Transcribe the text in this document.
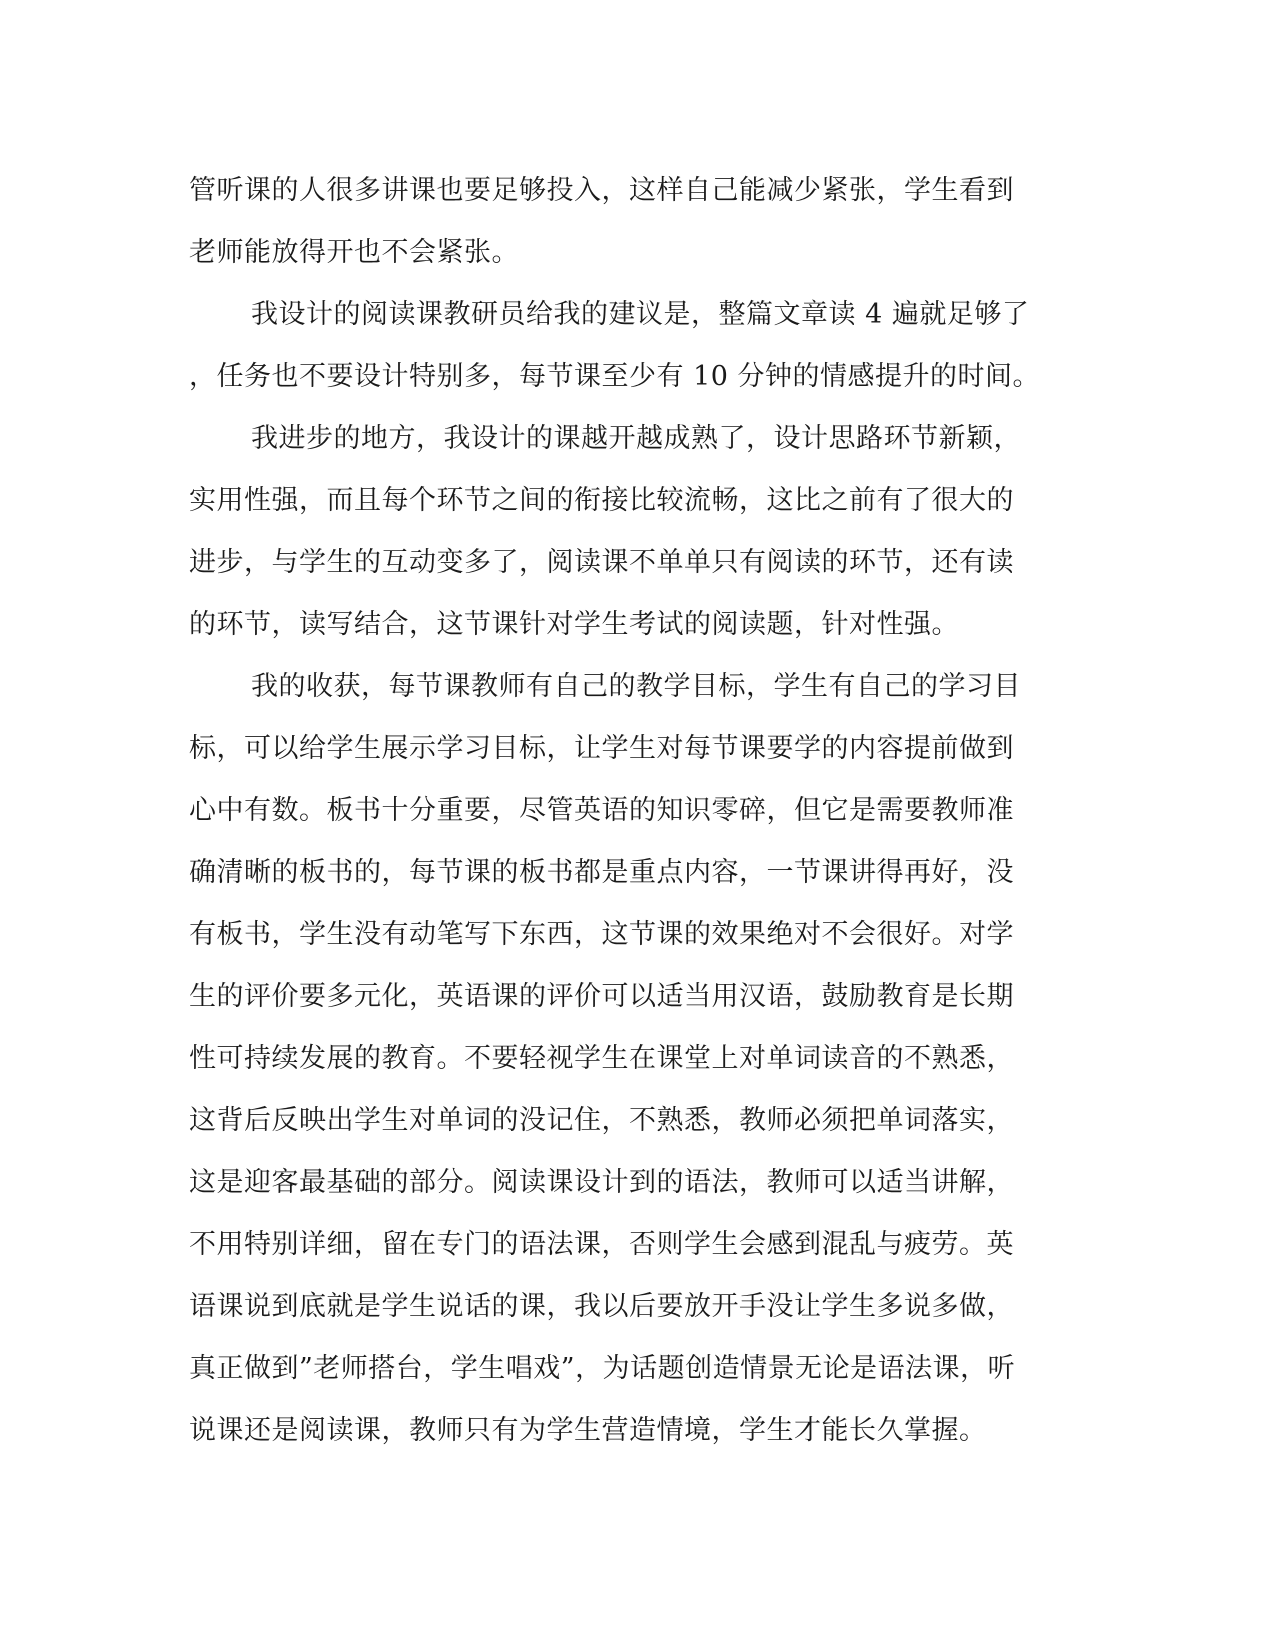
管听课的人很多讲课也要足够投入，这样自己能减少紧张，学生看到
老师能放得开也不会紧张。
我设计的阅读课教研员给我的建议是，整篇文章读 4 遍就足够了
，任务也不要设计特别多，每节课至少有 10 分钟的情感提升的时间。
我进步的地方，我设计的课越开越成熟了，设计思路环节新颖，
实用性强，而且每个环节之间的衔接比较流畅，这比之前有了很大的
进步，与学生的互动变多了，阅读课不单单只有阅读的环节，还有读
的环节，读写结合，这节课针对学生考试的阅读题，针对性强。
我的收获，每节课教师有自己的教学目标，学生有自己的学习目
标，可以给学生展示学习目标，让学生对每节课要学的内容提前做到
心中有数。板书十分重要，尽管英语的知识零碎，但它是需要教师准
确清晰的板书的，每节课的板书都是重点内容，一节课讲得再好，没
有板书，学生没有动笔写下东西，这节课的效果绝对不会很好。对学
生的评价要多元化，英语课的评价可以适当用汉语，鼓励教育是长期
性可持续发展的教育。不要轻视学生在课堂上对单词读音的不熟悉，
这背后反映出学生对单词的没记住，不熟悉，教师必须把单词落实，
这是迎客最基础的部分。阅读课设计到的语法，教师可以适当讲解，
不用特别详细，留在专门的语法课，否则学生会感到混乱与疲劳。英
语课说到底就是学生说话的课，我以后要放开手没让学生多说多做，
真正做到”老师搭台，学生唱戏”，为话题创造情景无论是语法课，听
说课还是阅读课，教师只有为学生营造情境，学生才能长久掌握。
